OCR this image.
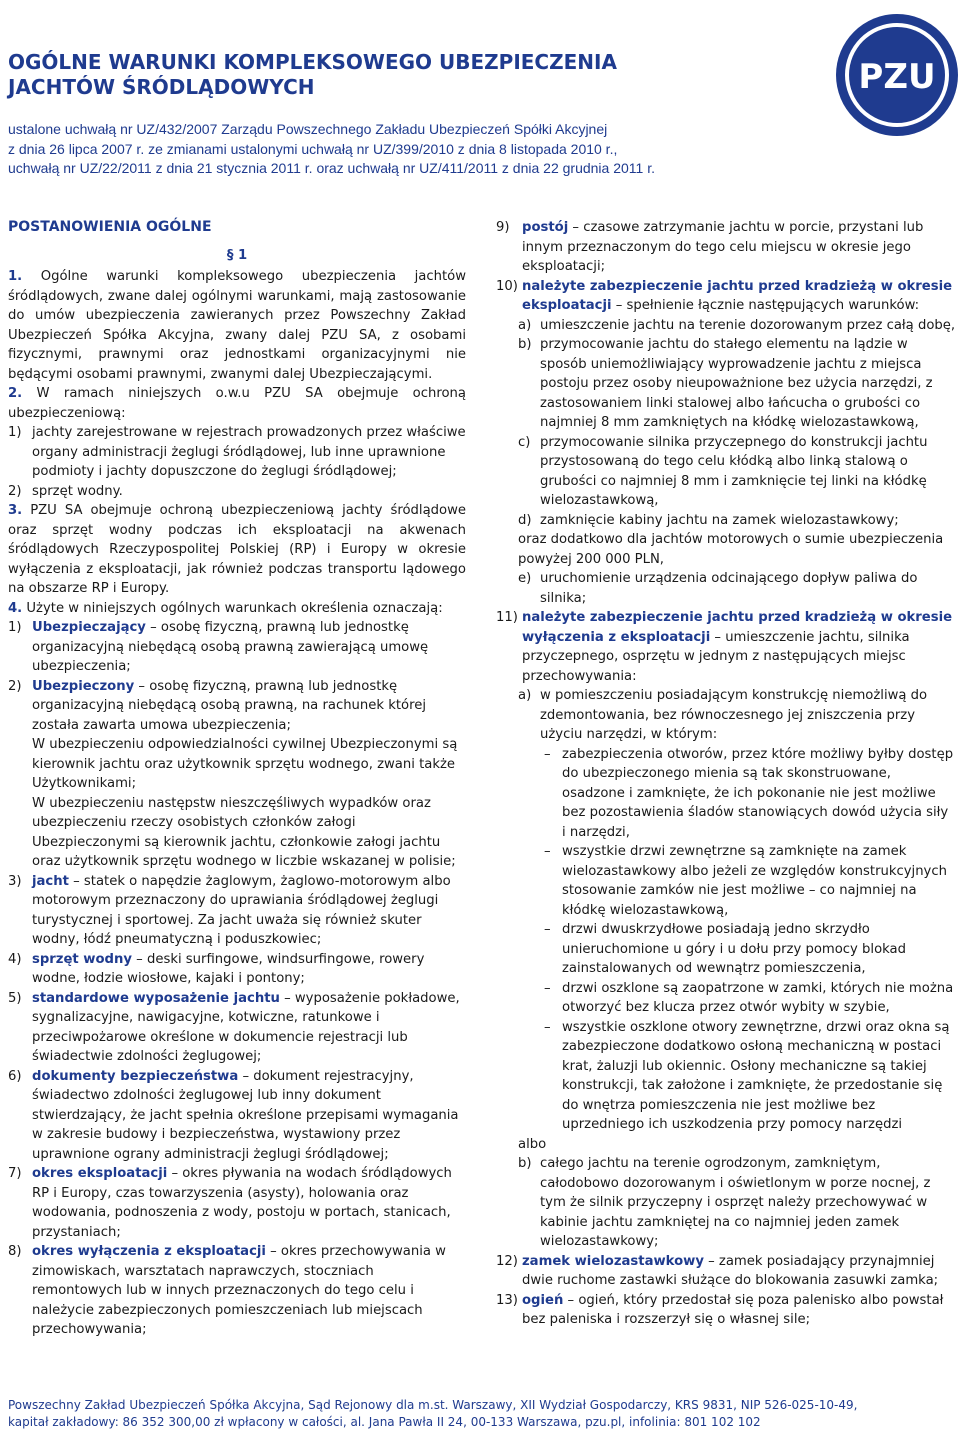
OGÓLNE WARUNKI KOMPLEKSOWEGO UBEZPIECZENIA
JACHTÓW ŚRÓDLĄDOWYCH
ustalone uchwałą nr UZ/432/2007 Zarządu Powszechnego Zakładu Ubezpieczeń Spółki Akcyjnej
z dnia 26 lipca 2007 r. ze zmianami ustalonymi uchwałą nr UZ/399/2010 z dnia 8 listopada 2010 r.,
uchwałą nr UZ/22/2011 z dnia 21 stycznia 2011 r. oraz uchwałą nr UZ/411/2011 z dnia 22 grudnia 2011 r.
PZU
POSTANOWIENIA OGÓLNE
§ 1

1. Ogólne warunki kompleksowego ubezpieczenia jachtów śródlądowych, zwane dalej ogólnymi warunkami, mają zastosowanie do umów ubezpieczenia zawieranych przez Powszechny Zakład Ubezpieczeń Spółka Akcyjna, zwany dalej PZU SA, z osobami fizycznymi, prawnymi oraz jednostkami organizacyjnymi nie będącymi osobami prawnymi, zwanymi dalej Ubezpieczającymi.

2. W ramach niniejszych o.w.u PZU SA obejmuje ochroną ubezpieczeniową:

1) jachty zarejestrowane w rejestrach prowadzonych przez właściwe organy administracji żeglugi śródlądowej, lub inne uprawnione podmioty i jachty dopuszczone do żeglugi śródlądowej;
2) sprzęt wodny.

3. PZU SA obejmuje ochroną ubezpieczeniową jachty śródlądowe oraz sprzęt wodny podczas ich eksploatacji na akwenach śródlądowych Rzeczypospolitej Polskiej (RP) i Europy w okresie wyłączenia z eksploatacji, jak również podczas transportu lądowego na obszarze RP i Europy.

4. Użyte w niniejszych ogólnych warunkach określenia oznaczają:

1) Ubezpieczający – osobę fizyczną, prawną lub jednostkę organizacyjną niebędącą osobą prawną zawierającą umowę ubezpieczenia;
2) Ubezpieczony – osobę fizyczną, prawną lub jednostkę organizacyjną niebędącą osobą prawną, na rachunek której została zawarta umowa ubezpieczenia;

W ubezpieczeniu odpowiedzialności cywilnej Ubezpieczonymi są kierownik jachtu oraz użytkownik sprzętu wodnego, zwani także Użytkownikami;

W ubezpieczeniu następstw nieszczęśliwych wypadków oraz ubezpieczeniu rzeczy osobistych członków załogi Ubezpieczonymi są kierownik jachtu, członkowie załogi jachtu oraz użytkownik sprzętu wodnego w liczbie wskazanej w polisie;

3) jacht – statek o napędzie żaglowym, żaglowo-motorowym albo motorowym przeznaczony do uprawiania śródlądowej żeglugi turystycznej i sportowej. Za jacht uważa się również skuter wodny, łódź pneumatyczną i poduszkowiec;
4) sprzęt wodny – deski surfingowe, windsurfingowe, rowery wodne, łodzie wiosłowe, kajaki i pontony;
5) standardowe wyposażenie jachtu – wyposażenie pokładowe, sygnalizacyjne, nawigacyjne, kotwiczne, ratunkowe i przeciwpożarowe określone w dokumencie rejestracji lub świadectwie zdolności żeglugowej;
6) dokumenty bezpieczeństwa – dokument rejestracyjny, świadectwo zdolności żeglugowej lub inny dokument stwierdzający, że jacht spełnia określone przepisami wymagania w zakresie budowy i bezpieczeństwa, wystawiony przez uprawnione ograny administracji żeglugi śródlądowej;
7) okres eksploatacji – okres pływania na wodach śródlądowych RP i Europy, czas towarzyszenia (asysty), holowania oraz wodowania, podnoszenia z wody, postoju w portach, stanicach, przystaniach;
8) okres wyłączenia z eksploatacji – okres przechowywania w zimowiskach, warsztatach naprawczych, stoczniach remontowych lub w innych przeznaczonych do tego celu i należycie zabezpieczonych pomieszczeniach lub miejscach przechowywania;
9) postój – czasowe zatrzymanie jachtu w porcie, przystani lub innym przeznaczonym do tego celu miejscu w okresie jego eksploatacji;
10) należyte zabezpieczenie jachtu przed kradzieżą w okresie eksploatacji – spełnienie łącznie następujących warunków:
a) umieszczenie jachtu na terenie dozorowanym przez całą dobę,
b) przymocowanie jachtu do stałego elementu na lądzie w sposób uniemożliwiający wyprowadzenie jachtu z miejsca postoju przez osoby nieupoważnione bez użycia narzędzi, z zastosowaniem linki stalowej albo łańcucha o grubości co najmniej 8 mm zamkniętych na kłódkę wielozastawkową,
c) przymocowanie silnika przyczepnego do konstrukcji jachtu przystosowaną do tego celu kłódką albo linką stalową o grubości co najmniej 8 mm i zamknięcie tej linki na kłódkę wielozastawkową,
d) zamknięcie kabiny jachtu na zamek wielozastawkowy;

oraz dodatkowo dla jachtów motorowych o sumie ubezpieczenia powyżej 200 000 PLN,

e) uruchomienie urządzenia odcinającego dopływ paliwa do silnika;
11) należyte zabezpieczenie jachtu przed kradzieżą w okresie wyłączenia z eksploatacji – umieszczenie jachtu, silnika przyczepnego, osprzętu w jednym z następujących miejsc przechowywania:
a) w pomieszczeniu posiadającym konstrukcję niemożliwą do zdemontowania, bez równoczesnego jej zniszczenia przy użyciu narzędzi, w którym:
– zabezpieczenia otworów, przez które możliwy byłby dostęp do ubezpieczonego mienia są tak skonstruowane, osadzone i zamknięte, że ich pokonanie nie jest możliwe bez pozostawienia śladów stanowiących dowód użycia siły i narzędzi,
– wszystkie drzwi zewnętrzne są zamknięte na zamek wielozastawkowy albo jeżeli ze względów konstrukcyjnych stosowanie zamków nie jest możliwe – co najmniej na kłódkę wielozastawkową,
– drzwi dwuskrzydłowe posiadają jedno skrzydło unieruchomione u góry i u dołu przy pomocy blokad zainstalowanych od wewnątrz pomieszczenia,
– drzwi oszklone są zaopatrzone w zamki, których nie można otworzyć bez klucza przez otwór wybity w szybie,
– wszystkie oszklone otwory zewnętrzne, drzwi oraz okna są zabezpieczone dodatkowo osłoną mechaniczną w postaci krat, żaluzji lub okiennic. Osłony mechaniczne są takiej konstrukcji, tak założone i zamknięte, że przedostanie się do wnętrza pomieszczenia nie jest możliwe bez uprzedniego ich uszkodzenia przy pomocy narzędzi

albo

b) całego jachtu na terenie ogrodzonym, zamkniętym, całodobowo dozorowanym i oświetlonym w porze nocnej, z tym że silnik przyczepny i osprzęt należy przechowywać w kabinie jachtu zamkniętej na co najmniej jeden zamek wielozastawkowy;
12) zamek wielozastawkowy – zamek posiadający przynajmniej dwie ruchome zastawki służące do blokowania zasuwki zamka;
13) ogień – ogień, który przedostał się poza palenisko albo powstał bez paleniska i rozszerzył się o własnej sile;
Powszechny Zakład Ubezpieczeń Spółka Akcyjna, Sąd Rejonowy dla m.st. Warszawy, XII Wydział Gospodarczy, KRS 9831, NIP 526-025-10-49,
kapitał zakładowy: 86 352 300,00 zł wpłacony w całości, al. Jana Pawła II 24, 00-133 Warszawa, pzu.pl, infolinia: 801 102 102
